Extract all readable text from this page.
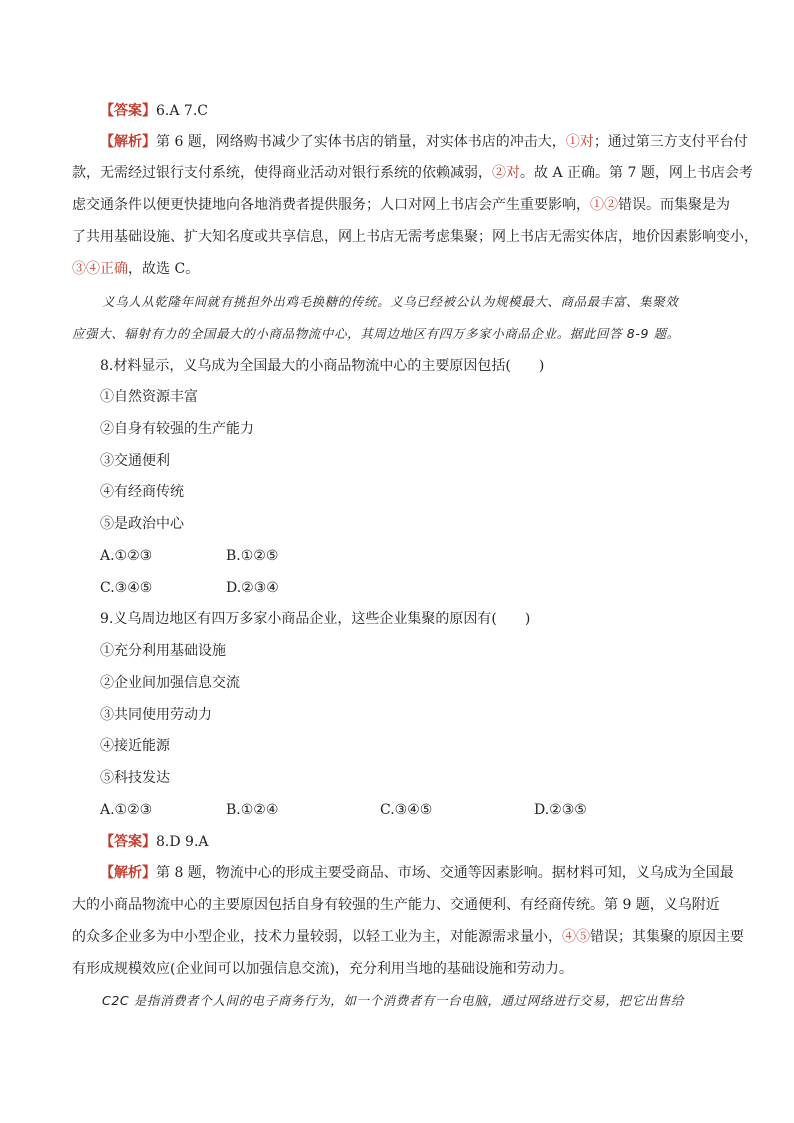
【答案】6.A 7.C
【解析】第 6 题，网络购书减少了实体书店的销量，对实体书店的冲击大，①对；通过第三方支付平台付
款，无需经过银行支付系统，使得商业活动对银行系统的依赖减弱，②对。故 A 正确。第 7 题，网上书店会考
虑交通条件以便更快捷地向各地消费者提供服务；人口对网上书店会产生重要影响，①②错误。而集聚是为
了共用基础设施、扩大知名度或共享信息，网上书店无需考虑集聚；网上书店无需实体店，地价因素影响变小，
③④正确，故选 C。
义乌人从乾隆年间就有挑担外出鸡毛换糖的传统。义乌已经被公认为规模最大、商品最丰富、集聚效
应强大、辐射有力的全国最大的小商品物流中心，其周边地区有四万多家小商品企业。据此回答 8-9 题。
8.材料显示，义乌成为全国最大的小商品物流中心的主要原因包括(　　)
①自然资源丰富
②自身有较强的生产能力
③交通便利
④有经商传统
⑤是政治中心
A.①②③	B.①②⑤
C.③④⑤	D.②③④
9.义乌周边地区有四万多家小商品企业，这些企业集聚的原因有(　　)
①充分利用基础设施
②企业间加强信息交流
③共同使用劳动力
④接近能源
⑤科技发达
A.①②③	B.①②④	C.③④⑤	D.②③⑤
【答案】8.D 9.A
【解析】第 8 题，物流中心的形成主要受商品、市场、交通等因素影响。据材料可知，义乌成为全国最
大的小商品物流中心的主要原因包括自身有较强的生产能力、交通便利、有经商传统。第 9 题，义乌附近
的众多企业多为中小型企业，技术力量较弱，以轻工业为主，对能源需求量小，④⑤错误；其集聚的原因主要
有形成规模效应(企业间可以加强信息交流)，充分利用当地的基础设施和劳动力。
C2C 是指消费者个人间的电子商务行为，如一个消费者有一台电脑，通过网络进行交易，把它出售给
